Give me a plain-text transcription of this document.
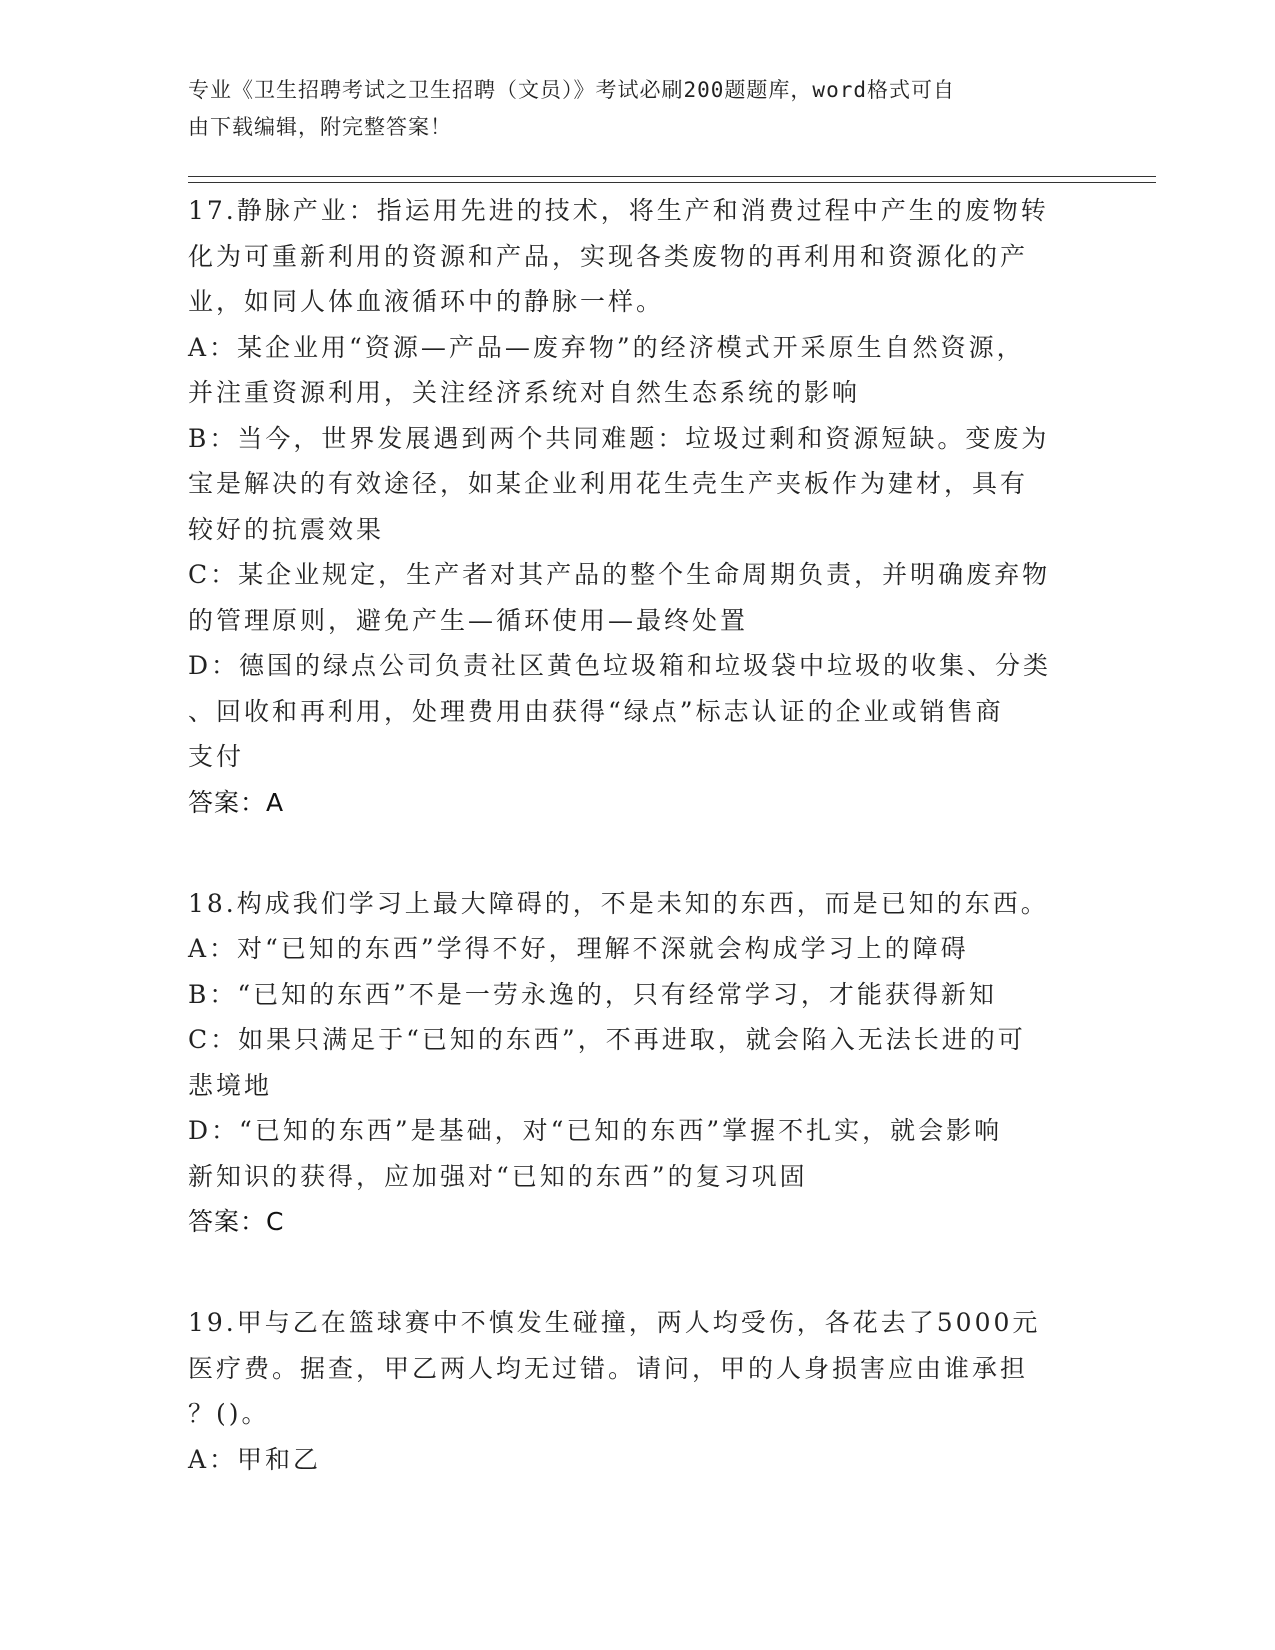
专业《卫生招聘考试之卫生招聘（文员）》考试必刷200题题库，word格式可自
由下载编辑，附完整答案！
17.静脉产业：指运用先进的技术，将生产和消费过程中产生的废物转
化为可重新利用的资源和产品，实现各类废物的再利用和资源化的产
业，如同人体血液循环中的静脉一样。
A：某企业用“资源—产品—废弃物”的经济模式开采原生自然资源，
并注重资源利用，关注经济系统对自然生态系统的影响
B：当今，世界发展遇到两个共同难题：垃圾过剩和资源短缺。变废为
宝是解决的有效途径，如某企业利用花生壳生产夹板作为建材，具有
较好的抗震效果
C：某企业规定，生产者对其产品的整个生命周期负责，并明确废弃物
的管理原则，避免产生—循环使用—最终处置
D：德国的绿点公司负责社区黄色垃圾箱和垃圾袋中垃圾的收集、分类
、回收和再利用，处理费用由获得“绿点”标志认证的企业或销售商
支付
答案：A
18.构成我们学习上最大障碍的，不是未知的东西，而是已知的东西。
A：对“已知的东西”学得不好，理解不深就会构成学习上的障碍
B：“已知的东西”不是一劳永逸的，只有经常学习，才能获得新知
C：如果只满足于“已知的东西”，不再进取，就会陷入无法长进的可
悲境地
D：“已知的东西”是基础，对“已知的东西”掌握不扎实，就会影响
新知识的获得，应加强对“已知的东西”的复习巩固
答案：C
19.甲与乙在篮球赛中不慎发生碰撞，两人均受伤，各花去了5000元
医疗费。据查，甲乙两人均无过错。请问，甲的人身损害应由谁承担
？()。
A：甲和乙
